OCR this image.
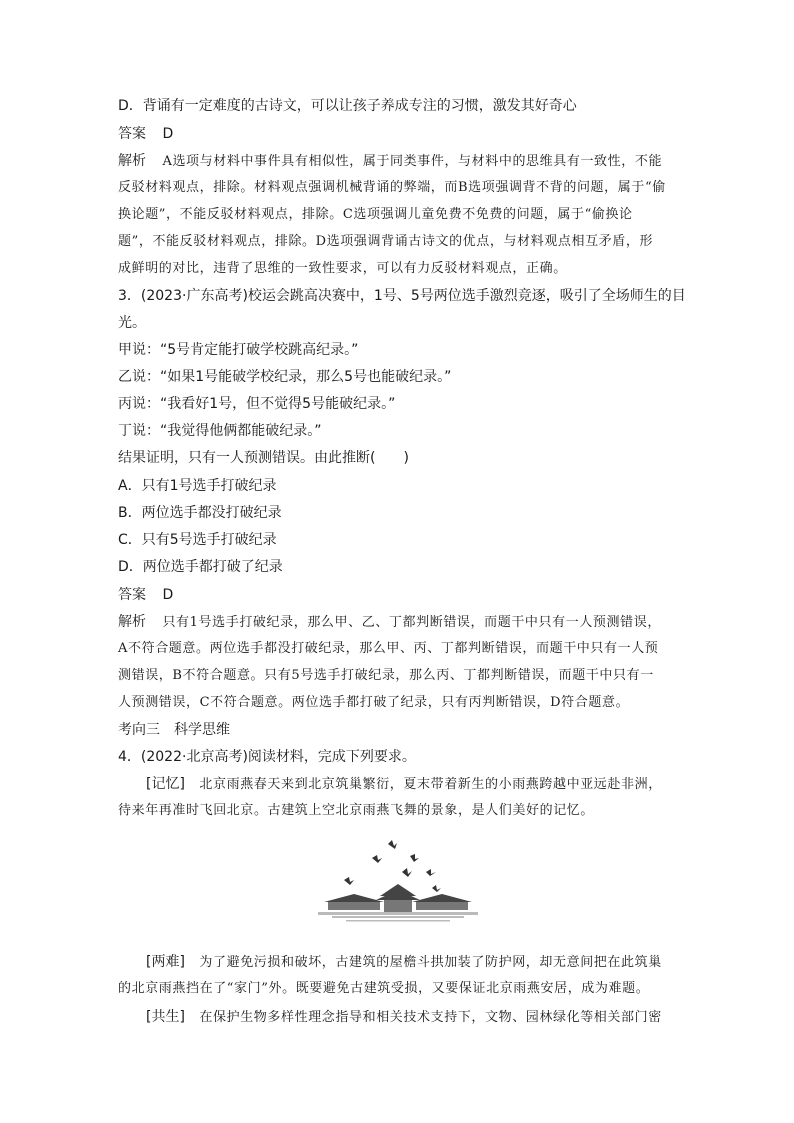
D．背诵有一定难度的古诗文，可以让孩子养成专注的习惯，激发其好奇心
答案 D
解析 A选项与材料中事件具有相似性，属于同类事件，与材料中的思维具有一致性，不能
反驳材料观点，排除。材料观点强调机械背诵的弊端，而B选项强调背不背的问题，属于“偷
换论题”，不能反驳材料观点，排除。C选项强调儿童免费不免费的问题，属于“偷换论
题”，不能反驳材料观点，排除。D选项强调背诵古诗文的优点，与材料观点相互矛盾，形
成鲜明的对比，违背了思维的一致性要求，可以有力反驳材料观点，正确。
3．(2023·广东高考)校运会跳高决赛中，1号、5号两位选手激烈竞逐，吸引了全场师生的目
光。
甲说：“5号肯定能打破学校跳高纪录。”
乙说：“如果1号能破学校纪录，那么5号也能破纪录。”
丙说：“我看好1号，但不觉得5号能破纪录。”
丁说：“我觉得他俩都能破纪录。”
结果证明，只有一人预测错误。由此推断(　　)
A．只有1号选手打破纪录
B．两位选手都没打破纪录
C．只有5号选手打破纪录
D．两位选手都打破了纪录
答案 D
解析 只有1号选手打破纪录，那么甲、乙、丁都判断错误，而题干中只有一人预测错误，
A不符合题意。两位选手都没打破纪录，那么甲、丙、丁都判断错误，而题干中只有一人预
测错误，B不符合题意。只有5号选手打破纪录，那么丙、丁都判断错误，而题干中只有一
人预测错误，C不符合题意。两位选手都打破了纪录，只有丙判断错误，D符合题意。
考向三　科学思维
4．(2022·北京高考)阅读材料，完成下列要求。
[记忆] 北京雨燕春天来到北京筑巢繁衍，夏末带着新生的小雨燕跨越中亚远赴非洲，
待来年再准时飞回北京。古建筑上空北京雨燕飞舞的景象，是人们美好的记忆。
[两难] 为了避免污损和破坏，古建筑的屋檐斗拱加装了防护网，却无意间把在此筑巢
的北京雨燕挡在了“家门”外。既要避免古建筑受损，又要保证北京雨燕安居，成为难题。
[共生] 在保护生物多样性理念指导和相关技术支持下，文物、园林绿化等相关部门密
